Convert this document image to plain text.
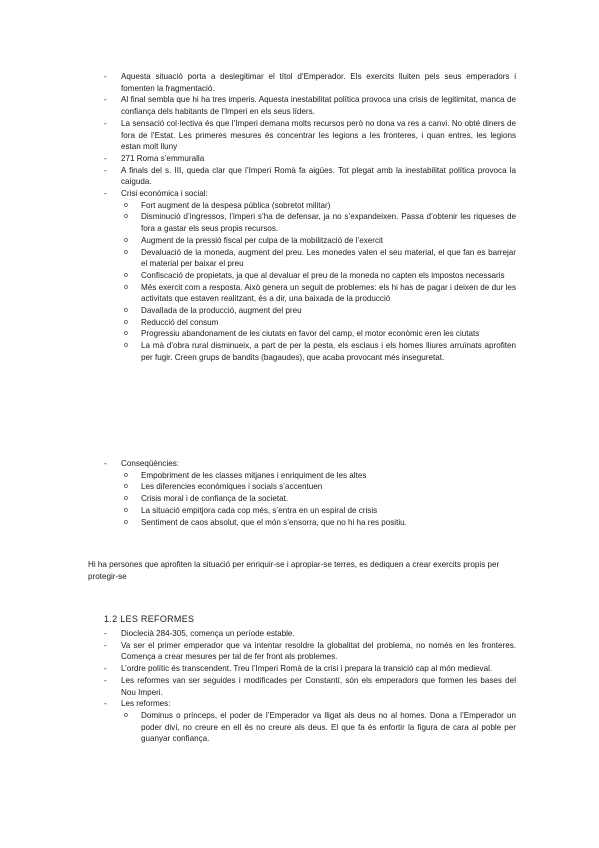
- Aquesta situació porta a deslegitimar el títol d’Emperador. Els exercits lluiten pels seus emperadors i fomenten la fragmentació.
- Al final sembla que hi ha tres imperis. Aquesta inestabilitat política provoca una crisis de legitimitat, manca de confiança dels habitants de l’Imperi en els seus líders.
- La sensació col·lectiva és que l’Imperi demana molts recursos però no dona va res a canvi. No obté diners de fora de l’Estat. Les primeres mesures és concentrar les legions a les fronteres, i quan entres, les legions estan molt lluny
- 271 Roma s’emmuralla
- A finals del s. III, queda clar que l’Imperi Romà fa aigües. Tot plegat amb la inestabilitat política provoca la caiguda.
- Crisi econòmica i social:
o Fort augment de la despesa pública (sobretot militar)
o Disminució d’ingressos, l’imperi s’ha de defensar, ja no s’expandeixen. Passa d’obtenir les riqueses de fora a gastar els seus propis recursos.
o Augment de la pressió fiscal per culpa de la mobilització de l’exercit
o Devaluació de la moneda, augment del preu. Les monedes valen el seu material, el que fan es barrejar el material per baixar el preu
o Confiscació de propietats, ja que al devaluar el preu de la moneda no capten els impostos necessaris
o Més exercit com a resposta. Això genera un seguit de problemes: els hi has de pagar i deixen de dur les activitats que estaven realitzant, és a dir, una baixada de la producció
o Davallada de la producció, augment del preu
o Reducció del consum
o Progressiu abandonament de les ciutats en favor del camp, el motor econòmic eren les ciutats
o La mà d’obra rural disminueix, a part de per la pesta, els esclaus i els homes lliures arruïnats aprofiten per fugir. Creen grups de bandits (bagaudes), que acaba provocant més inseguretat.
- Conseqüències:
o Empobriment de les classes mitjanes i enriquiment de les altes
o Les diferencies econòmiques i socials s’accentuen
o Crisis moral i de confiança de la societat.
o La situació empitjora cada cop més, s’entra en un espiral de crisis
o Sentiment de caos absolut, que el món s’ensorra, que no hi ha res positiu.

Hi ha persones que aprofiten la situació per enriquir-se i apropiar-se terres, es dediquen a crear exercits propis per protegir-se

1.2 LES REFORMES

- Dioclecià 284-305, comença un període estable.
- Va ser el primer emperador que va intentar resoldre la globalitat del problema, no només en les fronteres. Comença a crear mesures per tal de fer front als problemes.
- L’ordre polític és transcendent. Treu l’Imperi Romà de la crisi i prepara la transició cap al món medieval.
- Les reformes van ser seguides i modificades per Constantí, són els emperadors que formen les bases del Nou Imperi.
- Les reformes:
o Dominus o prínceps, el poder de l’Emperador va lligat als deus no al homes. Dona a l’Emperador un poder diví, no creure en ell és no creure als deus. El que fa és enfortir la figura de cara al poble per guanyar confiança.
